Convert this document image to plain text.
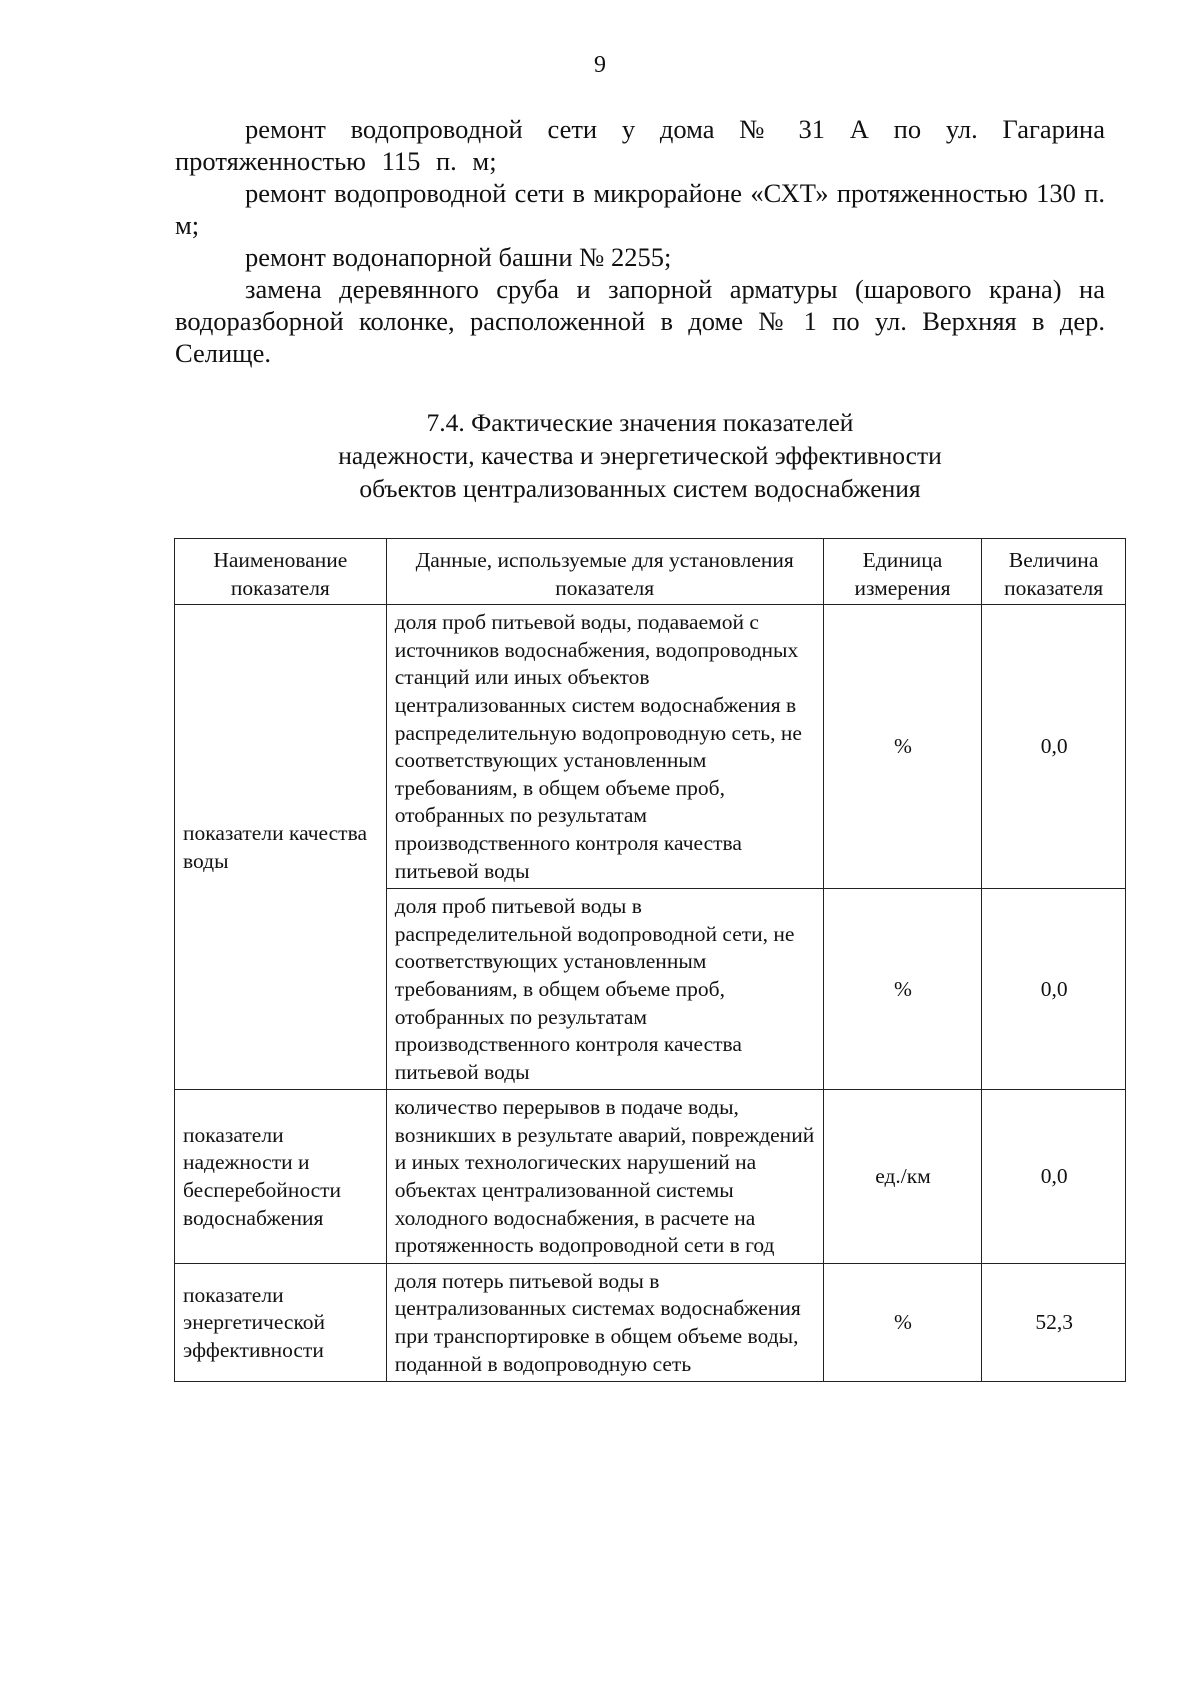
9

ремонт водопроводной сети у дома № 31 А по ул. Гагарина протяженностью 115 п. м;

ремонт водопроводной сети в микрорайоне «СХТ» протяженностью 130 п. м;

ремонт водонапорной башни № 2255;

замена деревянного сруба и запорной арматуры (шарового крана) на водоразборной колонке, расположенной в доме № 1 по ул. Верхняя в дер. Селище.

7.4. Фактические значения показателей
надежности, качества и энергетической эффективности
объектов централизованных систем водоснабжения
Наименование показателя	Данные, используемые для установления показателя	Единица измерения	Величина показателя
показатели качества воды	доля проб питьевой воды, подаваемой с источников водоснабжения, водопроводных станций или иных объектов централизованных систем водоснабжения в распределительную водопроводную сеть, не соответствующих установленным требованиям, в общем объеме проб, отобранных по результатам производственного контроля качества питьевой воды	%	0,0
	доля проб питьевой воды в распределительной водопроводной сети, не соответствующих установленным требованиям, в общем объеме проб, отобранных по результатам производственного контроля качества питьевой воды	%	0,0
показатели надежности и бесперебойности водоснабжения	количество перерывов в подаче воды, возникших в результате аварий, повреждений и иных технологических нарушений на объектах централизованной системы холодного водоснабжения, в расчете на протяженность водопроводной сети в год	ед./км	0,0
показатели энергетической эффективности	доля потерь питьевой воды в централизованных системах водоснабжения при транспортировке в общем объеме воды, поданной в водопроводную сеть	%	52,3
